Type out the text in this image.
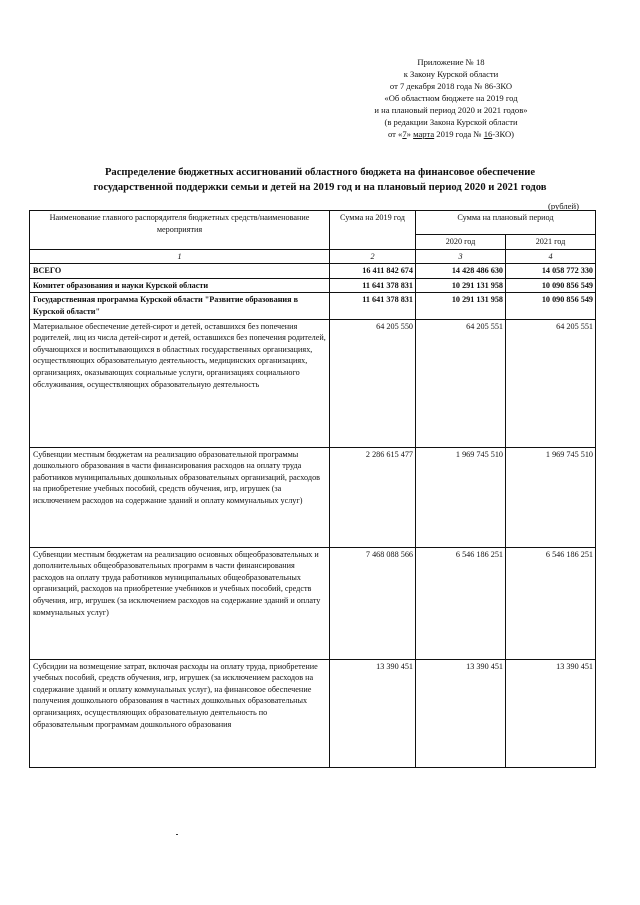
Приложение № 18
к Закону Курской области
от 7 декабря 2018 года № 86-ЗКО
«Об областном бюджете на 2019 год
и на плановый период 2020 и 2021 годов»
(в редакции Закона Курской области
от «7» марта 2019 года № 16-ЗКО)
Распределение бюджетных ассигнований областного бюджета на финансовое обеспечение
государственной поддержки семьи и детей на 2019 год и на плановый период 2020 и 2021 годов
(рублей)
Наименование главного распорядителя бюджетных средств/наименование мероприятия	Сумма на 2019 год	Сумма на плановый период	
		2020 год	2021 год
1	2	3	4
ВСЕГО	16 411 842 674	14 428 486 630	14 058 772 330
Комитет образования и науки Курской области	11 641 378 831	10 291 131 958	10 090 856 549
Государственная программа Курской области "Развитие образования в Курской области"	11 641 378 831	10 291 131 958	10 090 856 549
Материальное обеспечение детей-сирот и детей, оставшихся без попечения родителей, лиц из числа детей-сирот и детей, оставшихся без попечения родителей, обучающихся и воспитывающихся в областных государственных организациях, осуществляющих образовательную деятельность, медицинских организациях, организациях, оказывающих социальные услуги, организациях социального обслуживания, осуществляющих образовательную деятельность	64 205 550	64 205 551	64 205 551
Субвенции местным бюджетам на реализацию образовательной программы дошкольного образования в части финансирования расходов на оплату труда работников муниципальных дошкольных образовательных организаций, расходов на приобретение учебных пособий, средств обучения, игр, игрушек (за исключением расходов на содержание зданий и оплату коммунальных услуг)	2 286 615 477	1 969 745 510	1 969 745 510
Субвенции местным бюджетам на реализацию основных общеобразовательных и дополнительных общеобразовательных программ в части финансирования расходов на оплату труда работников муниципальных общеобразовательных организаций, расходов на приобретение учебников и учебных пособий, средств обучения, игр, игрушек (за исключением расходов на содержание зданий и оплату коммунальных услуг)	7 468 088 566	6 546 186 251	6 546 186 251
Субсидии на возмещение затрат, включая расходы на оплату труда, приобретение учебных пособий, средств обучения, игр, игрушек (за исключением расходов на содержание зданий и оплату коммунальных услуг), на финансовое обеспечение получения дошкольного образования в частных дошкольных образовательных организациях, осуществляющих образовательную деятельность по образовательным программам дошкольного образования	13 390 451	13 390 451	13 390 451
